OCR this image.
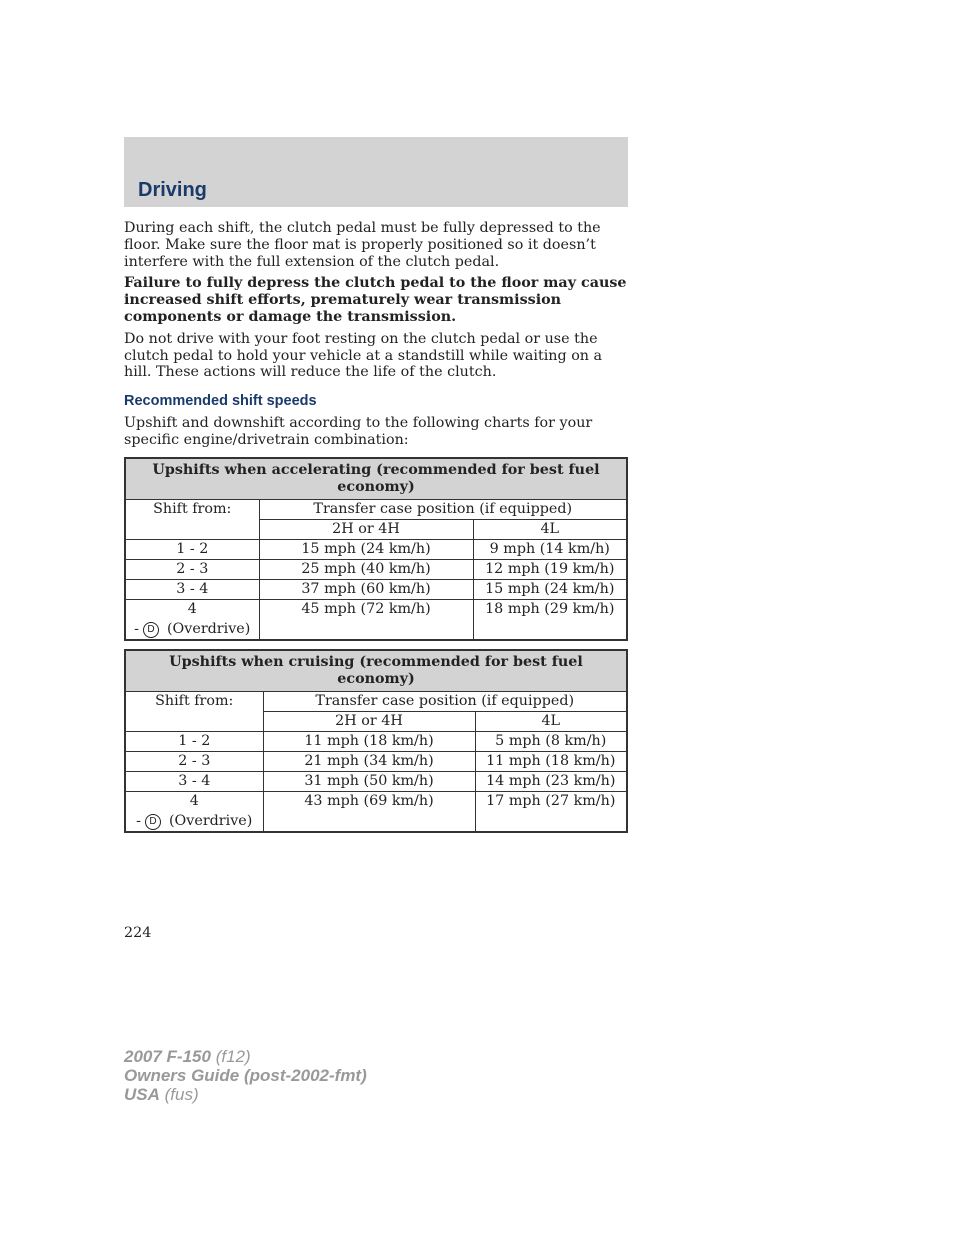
Driving

During each shift, the clutch pedal must be fully depressed to the floor. Make sure the floor mat is properly positioned so it doesn’t interfere with the full extension of the clutch pedal.

Failure to fully depress the clutch pedal to the floor may cause increased shift efforts, prematurely wear transmission components or damage the transmission.

Do not drive with your foot resting on the clutch pedal or use the clutch pedal to hold your vehicle at a standstill while waiting on a hill. These actions will reduce the life of the clutch.

Recommended shift speeds

Upshift and downshift according to the following charts for your specific engine/drivetrain combination:

Upshifts when accelerating (recommended for best fuel economy)		
Shift from:	Transfer case position (if equipped)	
	2H or 4H	4L
1 - 2	15 mph (24 km/h)	9 mph (14 km/h)
2 - 3	25 mph (40 km/h)	12 mph (19 km/h)
3 - 4	37 mph (60 km/h)	15 mph (24 km/h)

4
- D (Overdrive)	45 mph (72 km/h)	18 mph (29 km/h)
Upshifts when cruising (recommended for best fuel economy)		
Shift from:	Transfer case position (if equipped)	
	2H or 4H	4L
1 - 2	11 mph (18 km/h)	5 mph (8 km/h)
2 - 3	21 mph (34 km/h)	11 mph (18 km/h)
3 - 4	31 mph (50 km/h)	14 mph (23 km/h)

4
- D (Overdrive)	43 mph (69 km/h)	17 mph (27 km/h)
224
2007 F-150 (f12)
Owners Guide (post-2002-fmt)
USA (fus)
